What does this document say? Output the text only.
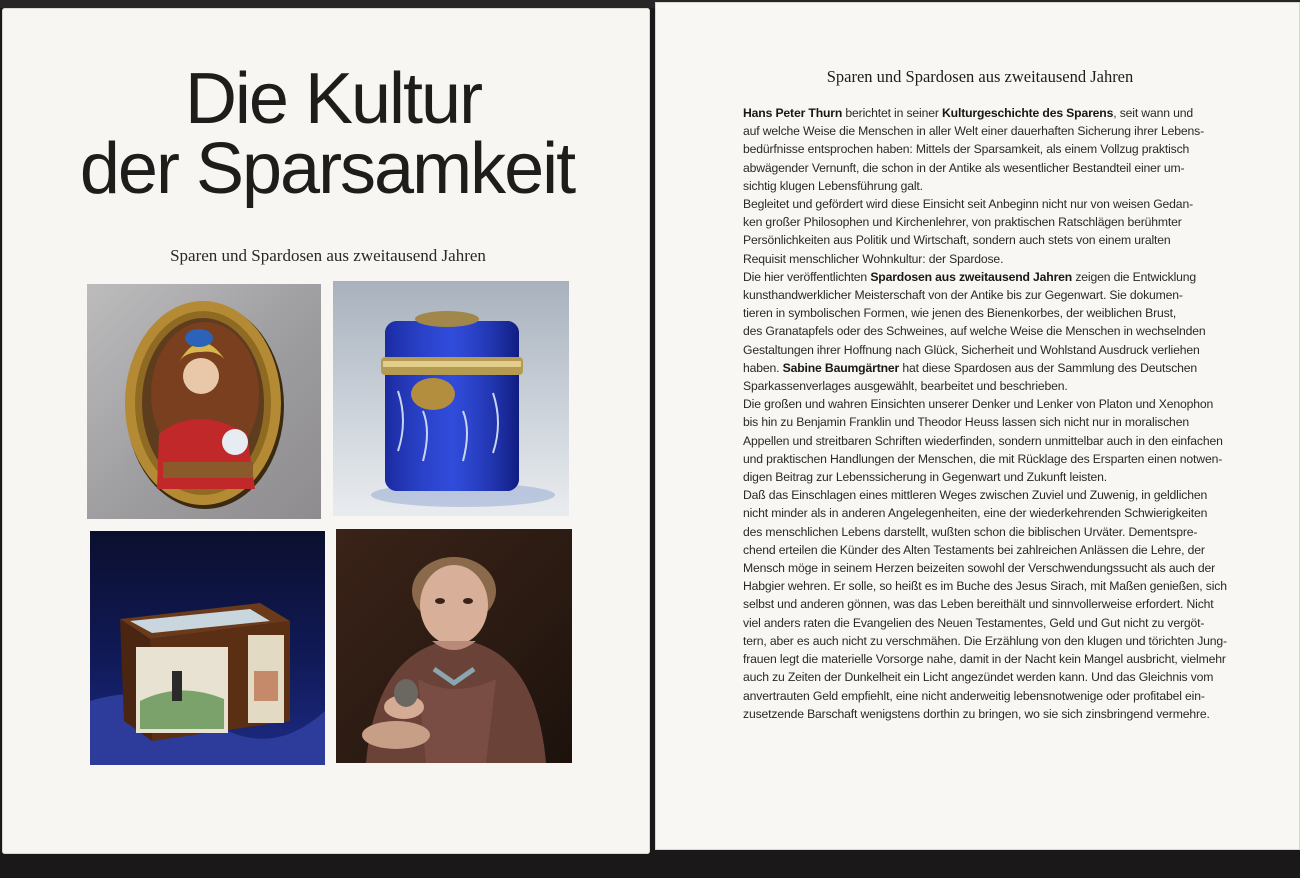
Die Kultur
der Sparsamkeit
Sparen und Spardosen aus zweitausend Jahren
Sparen und Spardosen aus zweitausend Jahren
Hans Peter Thurn berichtet in seiner Kulturgeschichte des Sparens, seit wann und
auf welche Weise die Menschen in aller Welt einer dauerhaften Sicherung ihrer Lebens-
bedürfnisse entsprochen haben: Mittels der Sparsamkeit, als einem Vollzug praktisch
abwägender Vernunft, die schon in der Antike als wesentlicher Bestandteil einer um-
sichtig klugen Lebensführung galt.
Begleitet und gefördert wird diese Einsicht seit Anbeginn nicht nur von weisen Gedan-
ken großer Philosophen und Kirchenlehrer, von praktischen Ratschlägen berühmter
Persönlichkeiten aus Politik und Wirtschaft, sondern auch stets von einem uralten
Requisit menschlicher Wohnkultur: der Spardose.
Die hier veröffentlichten Spardosen aus zweitausend Jahren zeigen die Entwicklung
kunsthandwerklicher Meisterschaft von der Antike bis zur Gegenwart. Sie dokumen-
tieren in symbolischen Formen, wie jenen des Bienenkorbes, der weiblichen Brust,
des Granatapfels oder des Schweines, auf welche Weise die Menschen in wechselnden
Gestaltungen ihrer Hoffnung nach Glück, Sicherheit und Wohlstand Ausdruck verliehen
haben. Sabine Baumgärtner hat diese Spardosen aus der Sammlung des Deutschen
Sparkassenverlages ausgewählt, bearbeitet und beschrieben.
Die großen und wahren Einsichten unserer Denker und Lenker von Platon und Xenophon
bis hin zu Benjamin Franklin und Theodor Heuss lassen sich nicht nur in moralischen
Appellen und streitbaren Schriften wiederfinden, sondern unmittelbar auch in den einfachen
und praktischen Handlungen der Menschen, die mit Rücklage des Ersparten einen notwen-
digen Beitrag zur Lebenssicherung in Gegenwart und Zukunft leisten.
Daß das Einschlagen eines mittleren Weges zwischen Zuviel und Zuwenig, in geldlichen
nicht minder als in anderen Angelegenheiten, eine der wiederkehrenden Schwierigkeiten
des menschlichen Lebens darstellt, wußten schon die biblischen Urväter. Dementspre-
chend erteilen die Künder des Alten Testaments bei zahlreichen Anlässen die Lehre, der
Mensch möge in seinem Herzen beizeiten sowohl der Verschwendungssucht als auch der
Habgier wehren. Er solle, so heißt es im Buche des Jesus Sirach, mit Maßen genießen, sich
selbst und anderen gönnen, was das Leben bereithält und sinnvollerweise erfordert. Nicht
viel anders raten die Evangelien des Neuen Testamentes, Geld und Gut nicht zu vergöt-
tern, aber es auch nicht zu verschmähen. Die Erzählung von den klugen und törichten Jung-
frauen legt die materielle Vorsorge nahe, damit in der Nacht kein Mangel ausbricht, vielmehr
auch zu Zeiten der Dunkelheit ein Licht angezündet werden kann. Und das Gleichnis vom
anvertrauten Geld empfiehlt, eine nicht anderweitig lebensnotwenige oder profitabel ein-
zusetzende Barschaft wenigstens dorthin zu bringen, wo sie sich zinsbringend vermehre.
